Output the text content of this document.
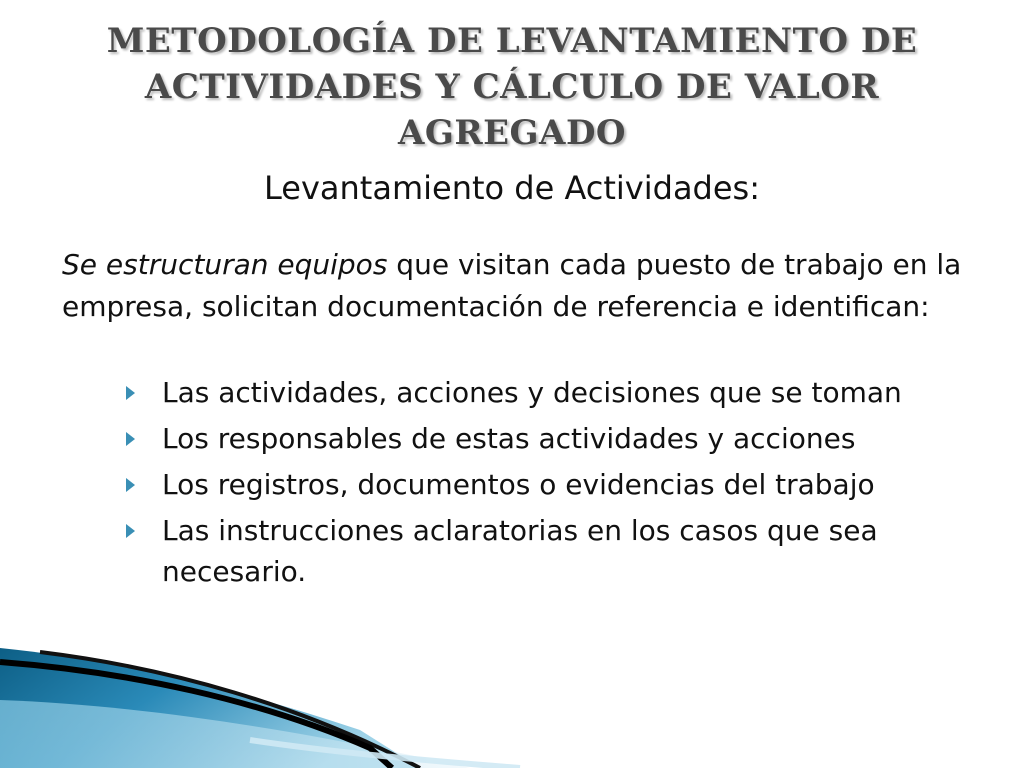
METODOLOGÍA DE LEVANTAMIENTO DE
ACTIVIDADES Y CÁLCULO DE VALOR
AGREGADO
Levantamiento de Actividades:

Se estructuran equipos que visitan cada puesto de trabajo en la empresa, solicitan documentación de referencia e identifican:

Las actividades, acciones y decisiones que se toman
Los responsables de estas actividades y acciones
Los registros, documentos o evidencias del trabajo
Las instrucciones aclaratorias en los casos que sea necesario.
